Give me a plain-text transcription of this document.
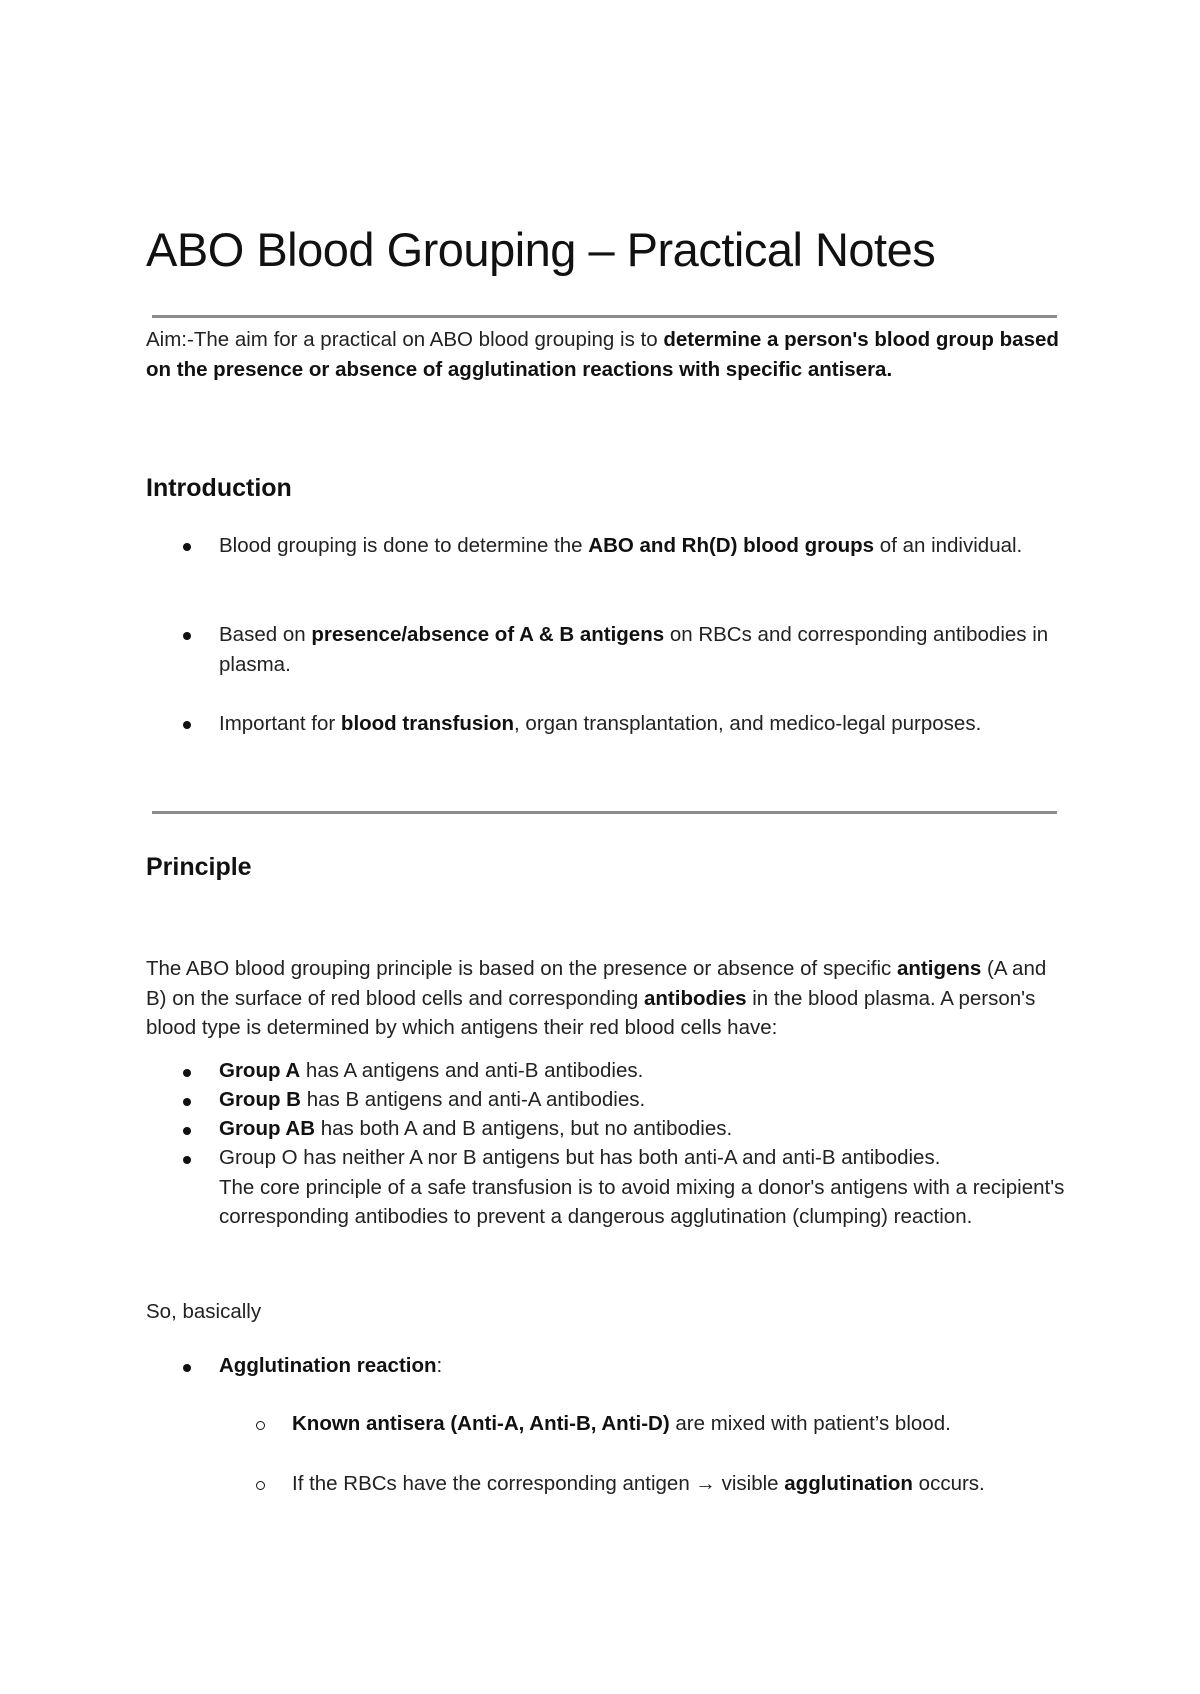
ABO Blood Grouping – Practical Notes
Aim:-The aim for a practical on ABO blood grouping is to determine a person's blood group based on the presence or absence of agglutination reactions with specific antisera.
Introduction
Blood grouping is done to determine the ABO and Rh(D) blood groups of an individual.
Based on presence/absence of A & B antigens on RBCs and corresponding antibodies in plasma.
Important for blood transfusion, organ transplantation, and medico-legal purposes.
Principle
The ABO blood grouping principle is based on the presence or absence of specific antigens (A and B) on the surface of red blood cells and corresponding antibodies in the blood plasma. A person's blood type is determined by which antigens their red blood cells have:
Group A has A antigens and anti-B antibodies.
Group B has B antigens and anti-A antibodies.
Group AB has both A and B antigens, but no antibodies.
Group O has neither A nor B antigens but has both anti-A and anti-B antibodies.
The core principle of a safe transfusion is to avoid mixing a donor's antigens with a recipient's corresponding antibodies to prevent a dangerous agglutination (clumping) reaction.
So, basically
Agglutination reaction:
Known antisera (Anti-A, Anti-B, Anti-D) are mixed with patient’s blood.
If the RBCs have the corresponding antigen → visible agglutination occurs.
